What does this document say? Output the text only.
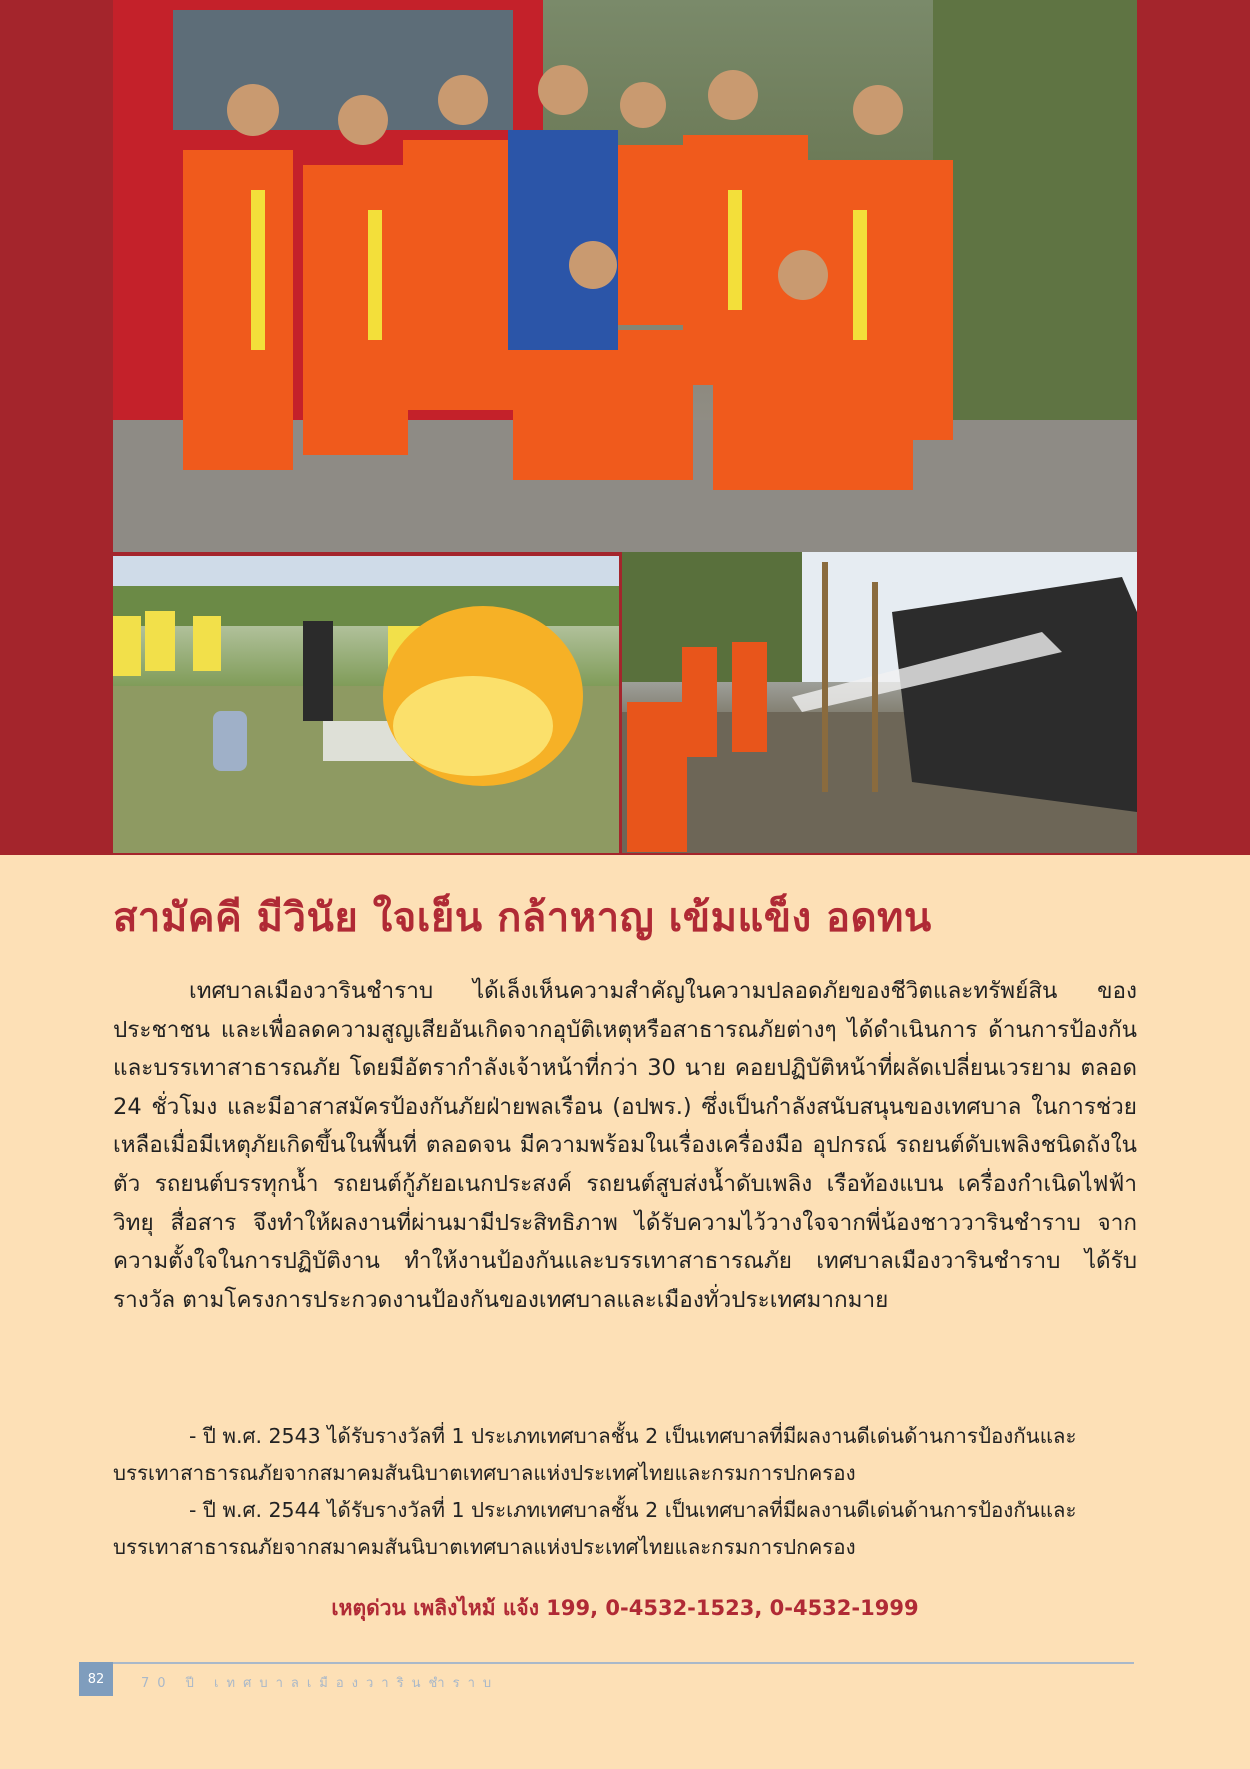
สามัคคี มีวินัย ใจเย็น กล้าหาญ เข้มแข็ง อดทน

เทศบาลเมืองวารินชำราบ ได้เล็งเห็นความสำคัญในความปลอดภัยของชีวิตและทรัพย์สิน ของประชาชน และเพื่อลดความสูญเสียอันเกิดจากอุบัติเหตุหรือสาธารณภัยต่างๆ ได้ดำเนินการ ด้านการป้องกันและบรรเทาสาธารณภัย โดยมีอัตรากำลังเจ้าหน้าที่กว่า 30 นาย คอยปฏิบัติหน้าที่ผลัดเปลี่ยนเวรยาม ตลอด 24 ชั่วโมง และมีอาสาสมัครป้องกันภัยฝ่ายพลเรือน (อปพร.) ซึ่งเป็นกำลังสนับสนุนของเทศบาล ในการช่วยเหลือเมื่อมีเหตุภัยเกิดขึ้นในพื้นที่ ตลอดจน มีความพร้อมในเรื่องเครื่องมือ อุปกรณ์ รถยนต์ดับเพลิงชนิดถังในตัว รถยนต์บรรทุกน้ำ รถยนต์กู้ภัยอเนกประสงค์ รถยนต์สูบส่งน้ำดับเพลิง เรือท้องแบน เครื่องกำเนิดไฟฟ้า วิทยุ สื่อสาร จึงทำให้ผลงานที่ผ่านมามีประสิทธิภาพ ได้รับความไว้วางใจจากพี่น้องชาววารินชำราบ จากความตั้งใจในการปฏิบัติงาน ทำให้งานป้องกันและบรรเทาสาธารณภัย เทศบาลเมืองวารินชำราบ ได้รับรางวัล ตามโครงการประกวดงานป้องกันของเทศบาลและเมืองทั่วประเทศมากมาย

- ปี พ.ศ. 2543 ได้รับรางวัลที่ 1 ประเภทเทศบาลชั้น 2 เป็นเทศบาลที่มีผลงานดีเด่นด้านการป้องกันและบรรเทาสาธารณภัยจากสมาคมสันนิบาตเทศบาลแห่งประเทศไทยและกรมการปกครอง

- ปี พ.ศ. 2544 ได้รับรางวัลที่ 1 ประเภทเทศบาลชั้น 2 เป็นเทศบาลที่มีผลงานดีเด่นด้านการป้องกันและบรรเทาสาธารณภัยจากสมาคมสันนิบาตเทศบาลแห่งประเทศไทยและกรมการปกครอง

เหตุด่วน เพลิงไหม้ แจ้ง 199, 0-4532-1523, 0-4532-1999
82	70 ปี เทศบาลเมืองวารินชำราบ
